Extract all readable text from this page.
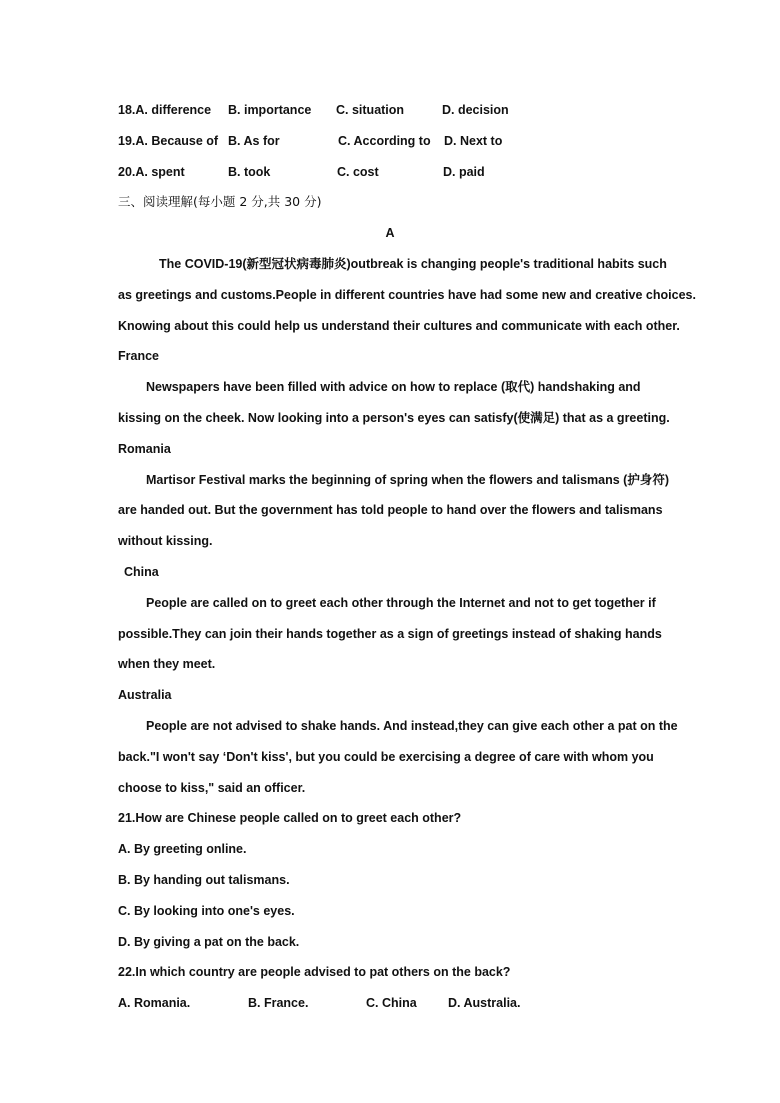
18.A. difference B. importance C. situation	D. decision
19.A. Because of B. As for	C. According to D. Next to
20.A. spent	B. took	C. cost	D. paid
三、阅读理解(每小题 2 分,共 30 分)
A
The COVID-19(新型冠状病毒肺炎)outbreak is changing people's traditional habits such
as greetings and customs.People in different countries have had some new and creative choices.
Knowing about this could help us understand their cultures and communicate with each other.
France
Newspapers have been filled with advice on how to replace (取代) handshaking and
kissing on the cheek. Now looking into a person's eyes can satisfy(使满足) that as a greeting.
Romania
Martisor Festival marks the beginning of spring when the flowers and talismans (护身符)
are handed out. But the government has told people to hand over the flowers and talismans
without kissing.
China
People are called on to greet each other through the Internet and not to get together if
possible.They can join their hands together as a sign of greetings instead of shaking hands
when they meet.
Australia
People are not advised to shake hands. And instead,they can give each other a pat on the
back."I won't say ‘Don't kiss', but you could be exercising a degree of care with whom you
choose to kiss," said an officer.
21.How are Chinese people called on to greet each other?
A. By greeting online.
B. By handing out talismans.
C. By looking into one's eyes.
D. By giving a pat on the back.
22.In which country are people advised to pat others on the back?
A. Romania.	B. France.	C. China	D. Australia.
